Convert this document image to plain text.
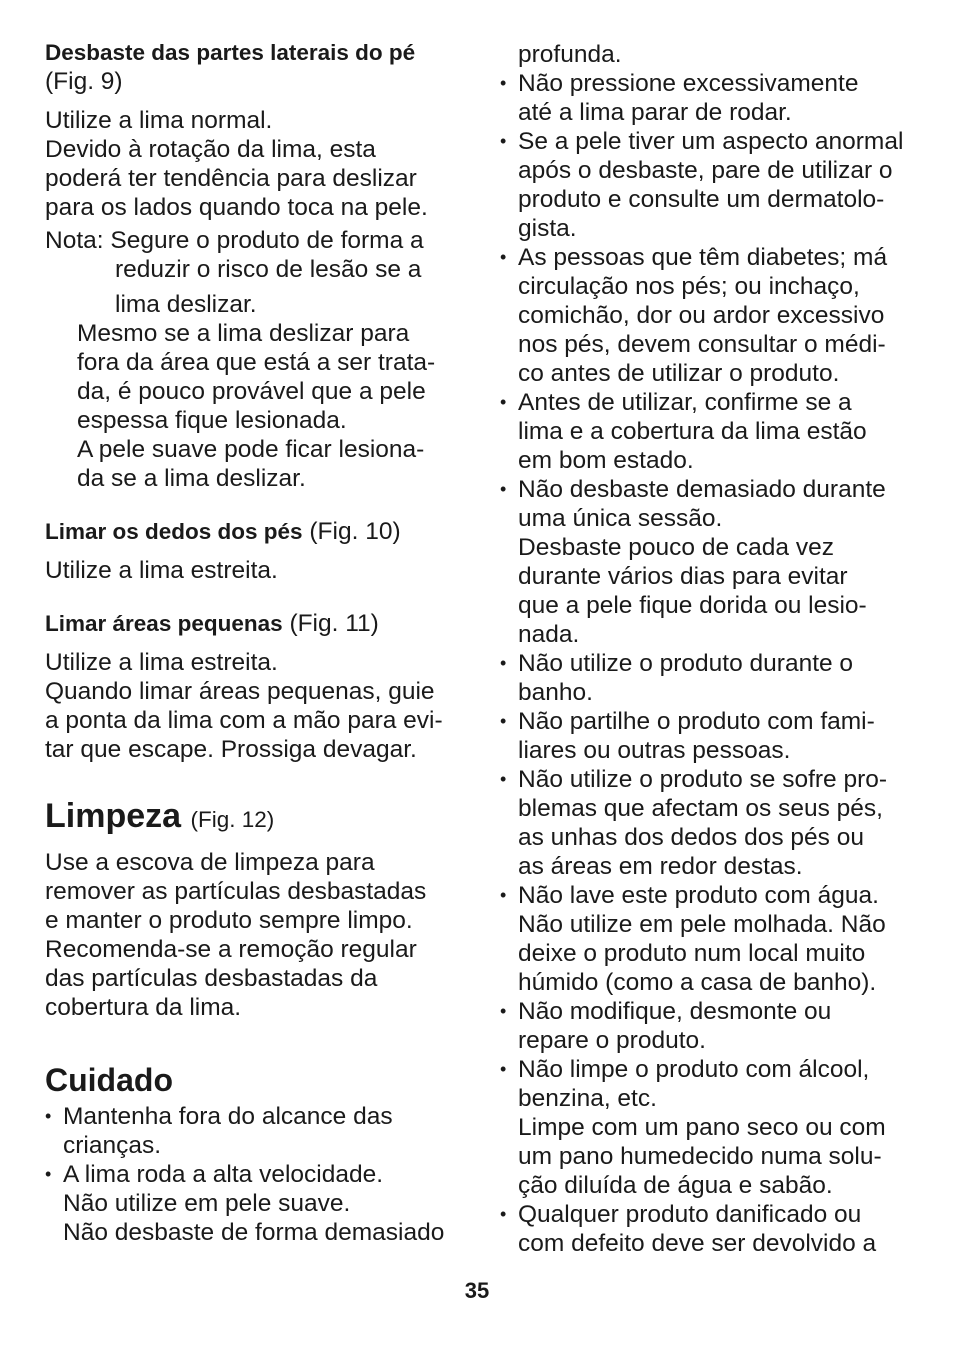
Desbaste das partes laterais do pé
(Fig. 9)
Utilize a lima normal.
Devido à rotação da lima, esta
poderá ter tendência para deslizar
para os lados quando toca na pele.
Nota: Segure o produto de forma a
reduzir o risco de lesão se a
lima deslizar.
Mesmo se a lima deslizar para
fora da área que está a ser trata-
da, é pouco provável que a pele
espessa fique lesionada.
A pele suave pode ficar lesiona-
da se a lima deslizar.
Limar os dedos dos pés (Fig. 10)
Utilize a lima estreita.
Limar áreas pequenas (Fig. 11)
Utilize a lima estreita.
Quando limar áreas pequenas, guie
a ponta da lima com a mão para evi-
tar que escape. Prossiga devagar.
Limpeza (Fig. 12)
Use a escova de limpeza para
remover as partículas desbastadas
e manter o produto sempre limpo.
Recomenda-se a remoção regular
das partículas desbastadas da
cobertura da lima.
Cuidado
• Mantenha fora do alcance das
crianças.
• A lima roda a alta velocidade.
Não utilize em pele suave.
Não desbaste de forma demasiado
profunda.
• Não pressione excessivamente
até a lima parar de rodar.
• Se a pele tiver um aspecto anormal
após o desbaste, pare de utilizar o
produto e consulte um dermatolo-
gista.
• As pessoas que têm diabetes; má
circulação nos pés; ou inchaço,
comichão, dor ou ardor excessivo
nos pés, devem consultar o médi-
co antes de utilizar o produto.
• Antes de utilizar, confirme se a
lima e a cobertura da lima estão
em bom estado.
• Não desbaste demasiado durante
uma única sessão.
Desbaste pouco de cada vez
durante vários dias para evitar
que a pele fique dorida ou lesio-
nada.
• Não utilize o produto durante o
banho.
• Não partilhe o produto com fami-
liares ou outras pessoas.
• Não utilize o produto se sofre pro-
blemas que afectam os seus pés,
as unhas dos dedos dos pés ou
as áreas em redor destas.
• Não lave este produto com água.
Não utilize em pele molhada. Não
deixe o produto num local muito
húmido (como a casa de banho).
• Não modifique, desmonte ou
repare o produto.
• Não limpe o produto com álcool,
benzina, etc.
Limpe com um pano seco ou com
um pano humedecido numa solu-
ção diluída de água e sabão.
• Qualquer produto danificado ou
com defeito deve ser devolvido a
35
